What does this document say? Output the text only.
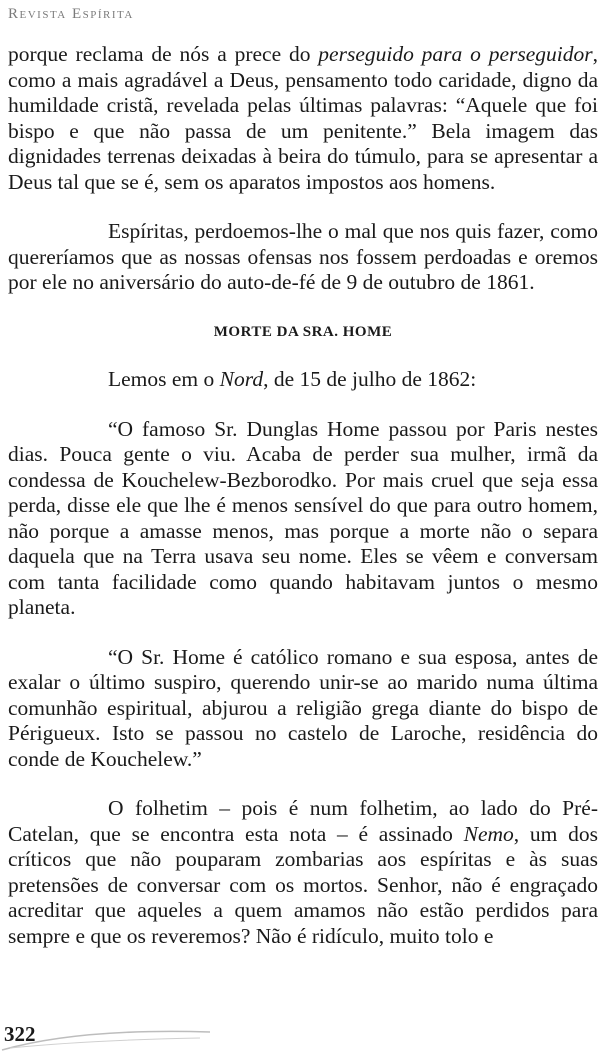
Revista Espírita

porque reclama de nós a prece do perseguido para o perseguidor, como a mais agradável a Deus, pensamento todo caridade, digno da humildade cristã, revelada pelas últimas palavras: “Aquele que foi bispo e que não passa de um penitente.” Bela imagem das dignidades terrenas deixadas à beira do túmulo, para se apresentar a Deus tal que se é, sem os aparatos impostos aos homens.

Espíritas, perdoemos-lhe o mal que nos quis fazer, como quereríamos que as nossas ofensas nos fossem perdoadas e oremos por ele no aniversário do auto-de-fé de 9 de outubro de 1861.

MORTE DA SRA. HOME

Lemos em o Nord, de 15 de julho de 1862:

“O famoso Sr. Dunglas Home passou por Paris nestes dias. Pouca gente o viu. Acaba de perder sua mulher, irmã da condessa de Kouchelew-Bezborodko. Por mais cruel que seja essa perda, disse ele que lhe é menos sensível do que para outro homem, não porque a amasse menos, mas porque a morte não o separa daquela que na Terra usava seu nome. Eles se vêem e conversam com tanta facilidade como quando habitavam juntos o mesmo planeta.

“O Sr. Home é católico romano e sua esposa, antes de exalar o último suspiro, querendo unir-se ao marido numa última comunhão espiritual, abjurou a religião grega diante do bispo de Périgueux. Isto se passou no castelo de Laroche, residência do conde de Kouchelew.”

O folhetim – pois é num folhetim, ao lado do Pré-Catelan, que se encontra esta nota – é assinado Nemo, um dos críticos que não pouparam zombarias aos espíritas e às suas pretensões de conversar com os mortos. Senhor, não é engraçado acreditar que aqueles a quem amamos não estão perdidos para sempre e que os reveremos? Não é ridículo, muito tolo e

322
